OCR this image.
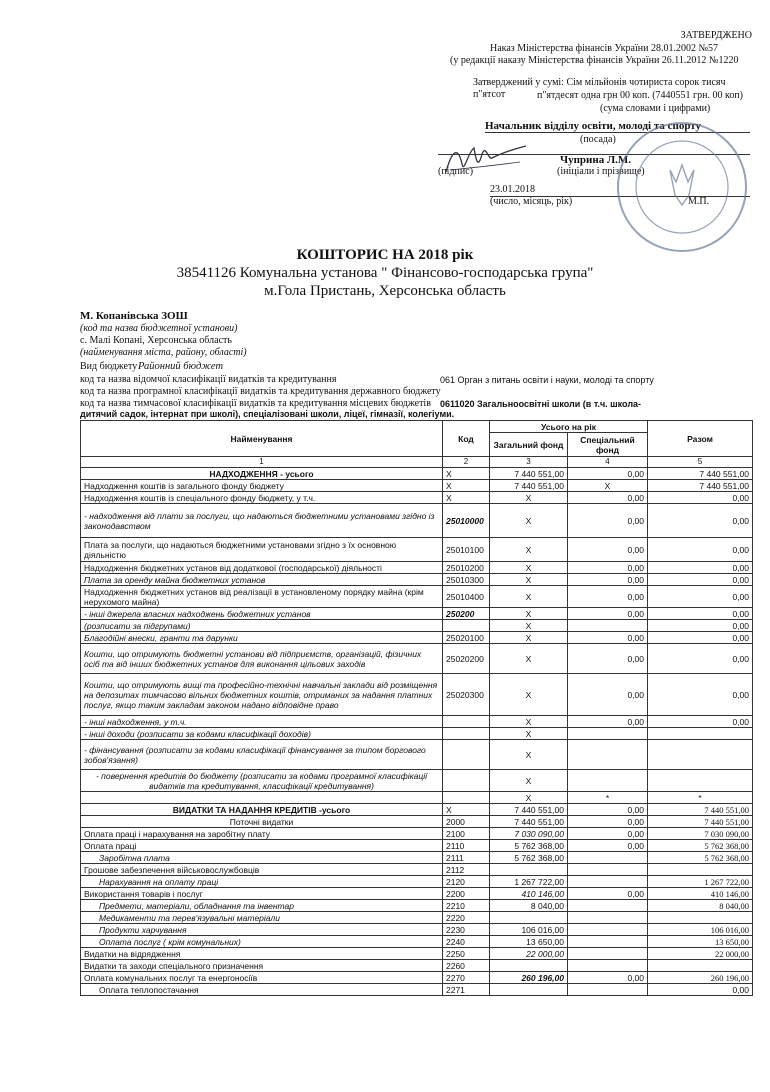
ЗАТВЕРДЖЕНО
Наказ Міністерства фінансів України 28.01.2002 №57
(у редакції наказу Міністерства фінансів України 26.11.2012 №1220
Затверджений у сумі: Сім мільйонів чотириста сорок тисяч п"ятсот	п"ятдесят одна грн 00 коп. (7440551 грн. 00 коп)
(сума словами і цифрами)
Начальник відділу освіти, молоді та спорту
(посада)
Чуприна Л.М.
(підпис)	(ініціали і прізвище)
23.01.2018
(число, місяць, рік)	М.П.
КОШТОРИС НА 2018 рік
38541126 Комунальна установа " Фінансово-господарська група"
м.Гола Пристань, Херсонська область
М. Копанівська ЗОШ
(код та назва бюджетної установи)
с. Малі Копані, Херсонська область
(найменування міста, району, області)
Вид бюджету Районний бюджет
код та назва відомчої класифікації видатків та кредитування	061 Орган з питань освіти і науки, молоді та спорту
код та назва програмної класифікації видатків та кредитування державного бюджету
код та назва тимчасової класифікації видатків та кредитування місцевих бюджетів 0611020 Загальноосвітні школи (в т.ч. школа-
дитячий садок, інтернат при школі), спеціалізовані школи, ліцеї, гімназії, колегіуми.
Найменування	Код	Усього на рік		Разом
		Загальний фонд	Спеціальний фонд	
1	2	3	4	5
НАДХОДЖЕННЯ - усього	X	7 440 551,00	0,00	7 440 551,00
Надходження коштів із загального фонду бюджету	X	7 440 551,00	X	7 440 551,00
Надходження коштів із спеціального фонду бюджету, у т.ч.	X	X	0,00	0,00
- надходження від плати за послуги, що надаються бюджетними установами згідно із законодавством	25010000	X	0,00	0,00
Плата за послуги, що надаються бюджетними установами згідно з їх основною діяльністю	25010100	X	0,00	0,00
Надходження бюджетних установ від додаткової (господарської) діяльності	25010200	X	0,00	0,00
Плата за оренду майна бюджетних установ	25010300	X	0,00	0,00
Надходження бюджетних установ від реалізації в установленому порядку майна (крім нерухомого майна)	25010400	X	0,00	0,00
- інші джерела власних надходжень бюджетних установ	250200	X	0,00	0,00
(розписати за підгрупами)		X		0,00
Благодійні внески, гранти та дарунки	25020100	X	0,00	0,00
Кошти, що отримують бюджетні установи від підприємств, організацій, фізичних осіб та від інших бюджетних установ для виконання цільових заходів	25020200	X	0,00	0,00
Кошти, що отримують вищі та професійно-технічні навчальні заклади від розміщення на депозитах тимчасово вільних бюджетних коштів, отриманих за надання платних послуг, якщо таким закладам законом надано відповідне право	25020300	X	0,00	0,00
- інші надходження, у т.ч.		X	0,00	0,00
- інші доходи (розписати за кодами класифікації доходів)		X		
- фінансування (розписати за кодами класифікації фінансування за типом боргового зобов'язання)		X		
- повернення кредитів до бюджету (розписати за кодами програмної класифікації видатків та кредитування, класифікації кредитування)		X		
		X	*	*
ВИДАТКИ ТА НАДАННЯ КРЕДИТІВ -усього	X	7 440 551,00	0,00	7 440 551,00
Поточні видатки	2000	7 440 551,00	0,00	7 440 551,00
Оплата праці і нарахування на заробітну плату	2100	7 030 090,00	0,00	7 030 090,00
Оплата праці	2110	5 762 368,00	0,00	5 762 368,00
Заробітна плата	2111	5 762 368,00		5 762 368,00
Грошове забезпечення військовослужбовців	2112			
Нарахування на оплату праці	2120	1 267 722,00		1 267 722,00
Використання товарів і послуг	2200	410 146,00	0,00	410 146,00
Предмети, матеріали, обладнання та інвентар	2210	8 040,00		8 040,00
Медикаменти та перев'язувальні матеріали	2220			
Продукти харчування	2230	106 016,00		106 016,00
Оплата послуг ( крім комунальних)	2240	13 650,00		13 650,00
Видатки на відрядження	2250	22 000,00		22 000,00
Видатки та заходи спеціального призначення	2260			
Оплата комунальних послуг та енергоносіїв	2270	260 196,00	0,00	260 196,00
Оплата теплопостачання	2271			0,00
